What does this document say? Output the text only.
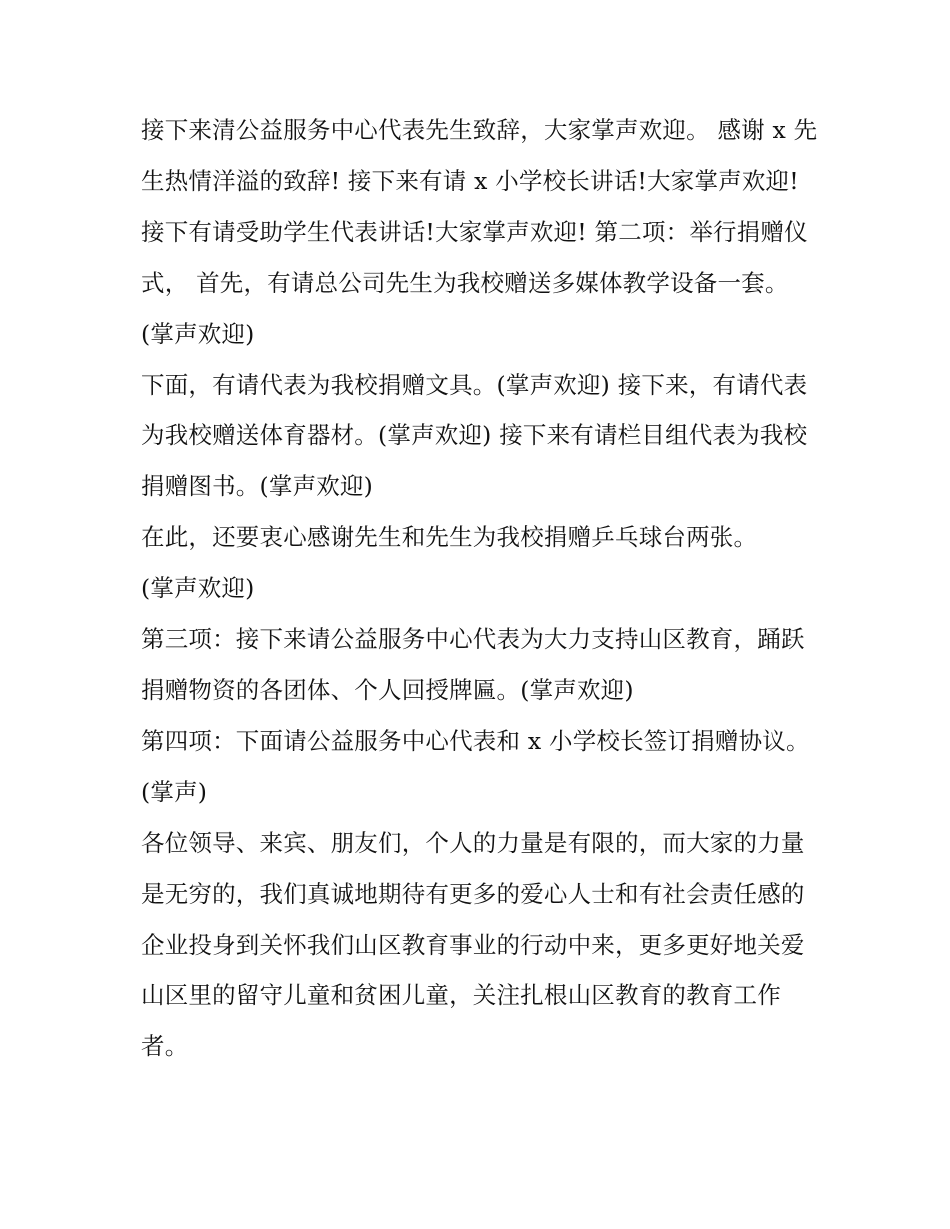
接下来清公益服务中心代表先生致辞，大家掌声欢迎。 感谢 x 先生热情洋溢的致辞! 接下来有请 x 小学校长讲话!大家掌声欢迎!

接下有请受助学生代表讲话!大家掌声欢迎! 第二项：举行捐赠仪式， 首先，有请总公司先生为我校赠送多媒体教学设备一套。(掌声欢迎)

下面，有请代表为我校捐赠文具。(掌声欢迎) 接下来，有请代表为我校赠送体育器材。(掌声欢迎) 接下来有请栏目组代表为我校捐赠图书。(掌声欢迎)

在此，还要衷心感谢先生和先生为我校捐赠乒乓球台两张。

(掌声欢迎)

第三项：接下来请公益服务中心代表为大力支持山区教育，踊跃捐赠物资的各团体、个人回授牌匾。(掌声欢迎)

第四项：下面请公益服务中心代表和 x 小学校长签订捐赠协议。(掌声)

各位领导、来宾、朋友们，个人的力量是有限的，而大家的力量是无穷的，我们真诚地期待有更多的爱心人士和有社会责任感的企业投身到关怀我们山区教育事业的行动中来，更多更好地关爱山区里的留守儿童和贫困儿童，关注扎根山区教育的教育工作者。
